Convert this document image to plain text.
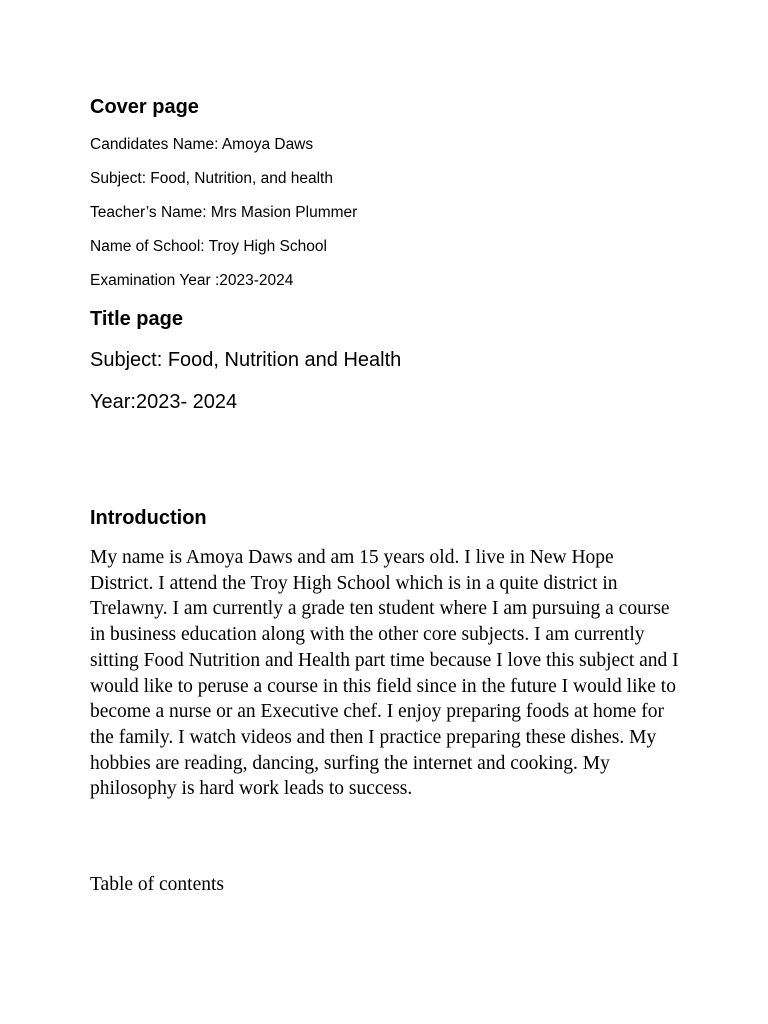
Cover page
Candidates Name: Amoya Daws
Subject: Food, Nutrition, and health
Teacher’s Name: Mrs Masion Plummer
Name of School: Troy High School
Examination Year :2023-2024
Title page
Subject: Food, Nutrition and Health
Year:2023- 2024
Introduction
My name is Amoya Daws and am 15 years old. I live in New Hope District. I attend the Troy High School which is in a quite district in Trelawny. I am currently a grade ten student where I am pursuing a course in business education along with the other core subjects. I am currently sitting Food Nutrition and Health part time because I love this subject and I would like to peruse a course in this field since in the future I would like to become a nurse or an Executive chef. I enjoy preparing foods at home for the family. I watch videos and then I practice preparing these dishes. My hobbies are reading, dancing, surfing the internet and cooking. My philosophy is hard work leads to success.
Table of contents
